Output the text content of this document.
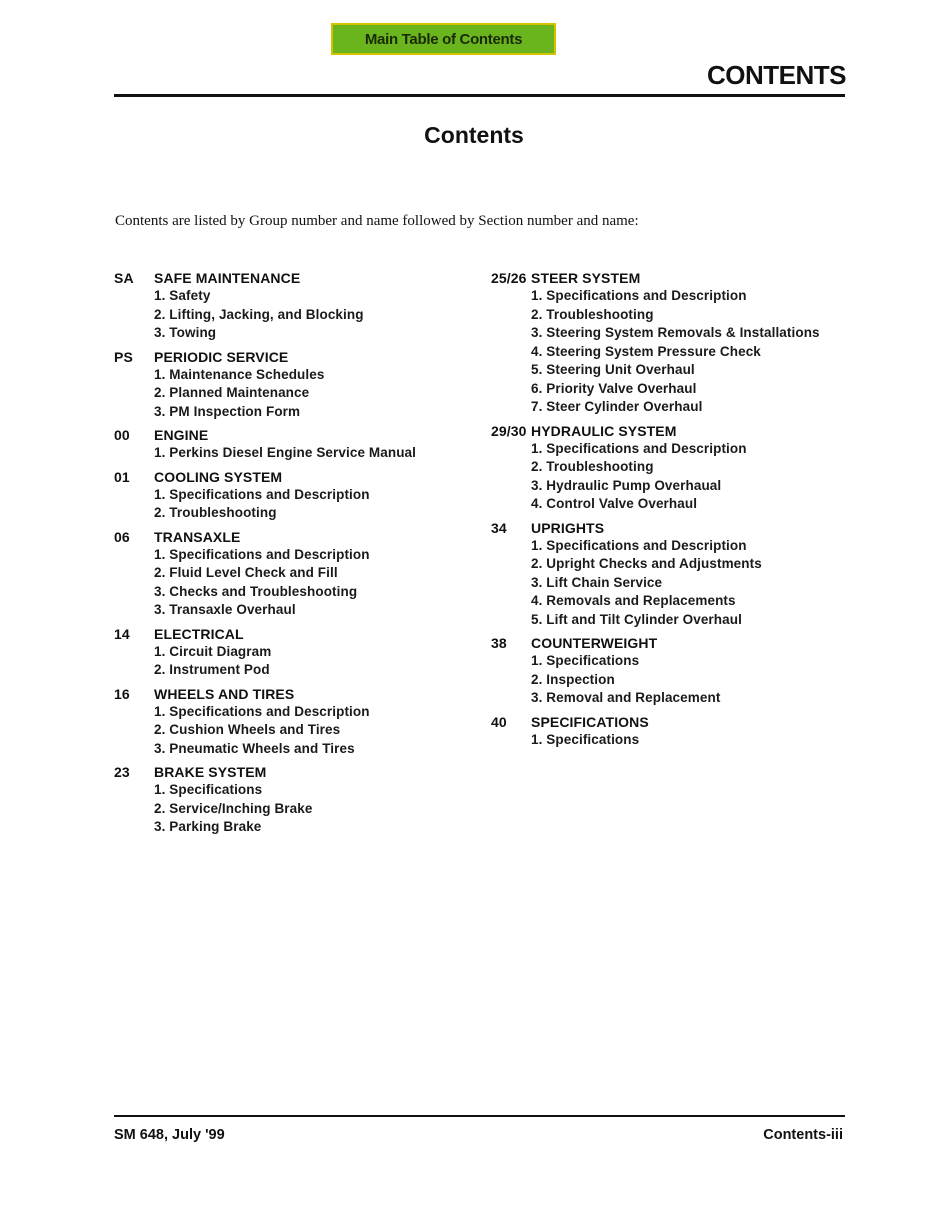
Main Table of Contents
CONTENTS
Contents
Contents are listed by Group number and name followed by Section number and name:
SA	SAFE MAINTENANCE
1. Safety
2. Lifting, Jacking, and Blocking
3. Towing
PS	PERIODIC SERVICE
1. Maintenance Schedules
2. Planned Maintenance
3. PM Inspection Form
00	ENGINE
1. Perkins Diesel Engine Service Manual
01	COOLING SYSTEM
1. Specifications and Description
2. Troubleshooting
06	TRANSAXLE
1. Specifications and Description
2. Fluid Level Check and Fill
3. Checks and Troubleshooting
3. Transaxle Overhaul
14	ELECTRICAL
1. Circuit Diagram
2. Instrument Pod
16	WHEELS AND TIRES
1. Specifications and Description
2. Cushion Wheels and Tires
3. Pneumatic Wheels and Tires
23	BRAKE SYSTEM
1. Specifications
2. Service/Inching Brake
3. Parking Brake
25/26 STEER SYSTEM
1. Specifications and Description
2. Troubleshooting
3. Steering System Removals & Installations
4. Steering System Pressure Check
5. Steering Unit Overhaul
6. Priority Valve Overhaul
7. Steer Cylinder Overhaul
29/30 HYDRAULIC SYSTEM
1. Specifications and Description
2. Troubleshooting
3. Hydraulic Pump Overhaual
4. Control Valve Overhaul
34	UPRIGHTS
1. Specifications and Description
2. Upright Checks and Adjustments
3. Lift Chain Service
4. Removals and Replacements
5. Lift and Tilt Cylinder Overhaul
38	COUNTERWEIGHT
1. Specifications
2. Inspection
3. Removal and Replacement
40	SPECIFICATIONS
1. Specifications
SM 648, July '99	Contents-iii
